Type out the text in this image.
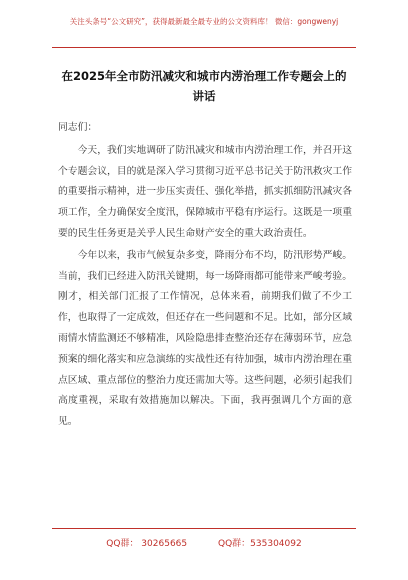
关注头条号“公文研究”，获得最新最全最专业的公文资料库！ 微信：gongwenyj
在2025年全市防汛减灾和城市内涝治理工作专题会上的讲话

同志们：

今天，我们实地调研了防汛减灾和城市内涝治理工作，并召开这个专题会议，目的就是深入学习贯彻习近平总书记关于防汛救灾工作的重要指示精神，进一步压实责任、强化举措，抓实抓细防汛减灾各项工作，全力确保安全度汛，保障城市平稳有序运行。这既是一项重要的民生任务更是关乎人民生命财产安全的重大政治责任。

今年以来，我市气候复杂多变，降雨分布不均，防汛形势严峻。当前，我们已经进入防汛关键期，每一场降雨都可能带来严峻考验。刚才，相关部门汇报了工作情况，总体来看，前期我们做了不少工作，也取得了一定成效，但还存在一些问题和不足。比如，部分区域雨情水情监测还不够精准，风险隐患排查整治还存在薄弱环节，应急预案的细化落实和应急演练的实战性还有待加强，城市内涝治理在重点区域、重点部位的整治力度还需加大等。这些问题，必须引起我们高度重视，采取有效措施加以解决。下面，我再强调几个方面的意见。

QQ群： 30265665	QQ群：535304092
